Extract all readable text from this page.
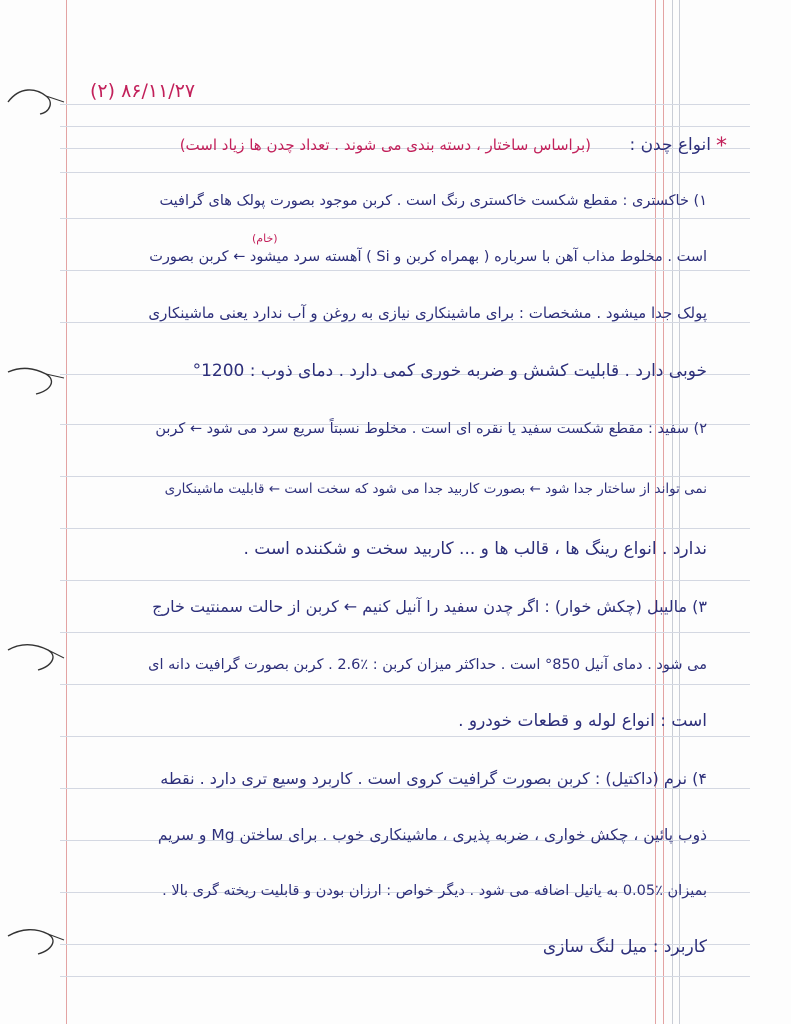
(۲) ۸۶/۱۱/۲۷

*

انواع چدن :

(براساس ساختار ، دسته بندی می شوند . تعداد چدن ها زیاد است)

(خام)

۱) خاکستری : مقطع شکست خاکستری رنگ است . کربن موجود بصورت پولک های گرافیت

است . مخلوط مذاب آهن با سرباره ( بهمراه کربن و Si ) آهسته سرد میشود ← کربن بصورت

پولک جدا میشود . مشخصات : برای ماشینکاری نیازی به روغن و آب ندارد یعنی ماشینکاری

خوبی دارد . قابلیت کشش و ضربه خوری کمی دارد . دمای ذوب : 1200°

۲) سفید : مقطع شکست سفید یا نقره ای است . مخلوط نسبتاً سریع سرد می شود ← کربن

نمی تواند از ساختار جدا شود ← بصورت کاربید جدا می شود که سخت است ← قابلیت ماشینکاری

ندارد . انواع رینگ ها ، قالب ها و ... کاربید سخت و شکننده است .

۳) مالیبل (چکش خوار) : اگر چدن سفید را آنیل کنیم ← کربن از حالت سمنتیت خارج

می شود . دمای آنیل 850° است . حداکثر میزان کربن : ٪2.6 . کربن بصورت گرافیت دانه ای

است : انواع لوله و قطعات خودرو .

۴) نرم (داکتیل) : کربن بصورت گرافیت کروی است . کاربرد وسیع تری دارد . نقطه

ذوب پائین ، چکش خواری ، ضربه پذیری ، ماشینکاری خوب . برای ساختن Mg و سریم

بمیزان ٪0.05 به یاتیل اضافه می شود . دیگر خواص : ارزان بودن و قابلیت ریخته گری بالا .

کاربرد : میل لنگ سازی
